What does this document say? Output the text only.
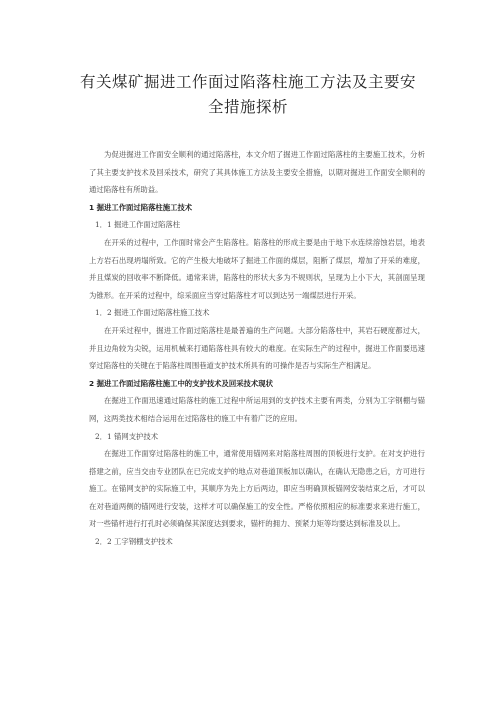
有关煤矿掘进工作面过陷落柱施工方法及主要安
全措施探析

为促进掘进工作面安全顺利的通过陷落柱，本文介绍了掘进工作面过陷落柱的主要施工技术，分析了其主要支护技术及回采技术，研究了其具体施工方法及主要安全措施，以期对掘进工作面安全顺利的通过陷落柱有所助益。

1 掘进工作面过陷落柱施工技术

1．1 掘进工作面过陷落柱

在开采的过程中，工作面时常会产生陷落柱。陷落柱的形成主要是由于地下水连续溶蚀岩层，地表上方岩石出现坍塌所致。它的产生极大地破坏了掘进工作面的煤层，阻断了煤层，增加了开采的难度，并且煤炭的回收率不断降低。通常来讲，陷落柱的形状大多为不规则状，呈现为上小下大，其剖面呈现为锥形。在开采的过程中，综采面应当穿过陷落柱才可以到达另一端煤层进行开采。

1．2 掘进工作面过陷落柱施工技术

在开采过程中，掘进工作面过陷落柱是最普遍的生产问题。大部分陷落柱中，其岩石硬度都过大，并且边角较为尖锐，运用机械来打通陷落柱具有较大的难度。在实际生产的过程中，掘进工作面要迅速穿过陷落柱的关键在于陷落柱周围巷道支护技术所具有的可操作是否与实际生产相满足。

2 掘进工作面过陷落柱施工中的支护技术及回采技术现状

在掘进工作面迅速通过陷落柱的施工过程中所运用到的支护技术主要有两类，分别为工字钢棚与锚网，这两类技术相结合运用在过陷落柱的施工中有着广泛的应用。

2．1 锚网支护技术

在掘进工作面穿过陷落柱的施工中，通常使用锚网来对陷落柱周围的顶板进行支护。在对支护进行搭建之前，应当交由专业团队在已完成支护的地点对巷道顶板加以确认，在确认无隐患之后，方可进行施工。在锚网支护的实际施工中，其顺序为先上方后两边，即应当明确顶板锚网安装结束之后，才可以在对巷道两侧的锚网进行安装，这样才可以确保施工的安全性。严格依照相应的标准要求来进行施工，对一些锚杆进行打孔时必须确保其深度达到要求，锚杆的拥力、预紧力矩等均要达到标准及以上。

2．2 工字钢棚支护技术
